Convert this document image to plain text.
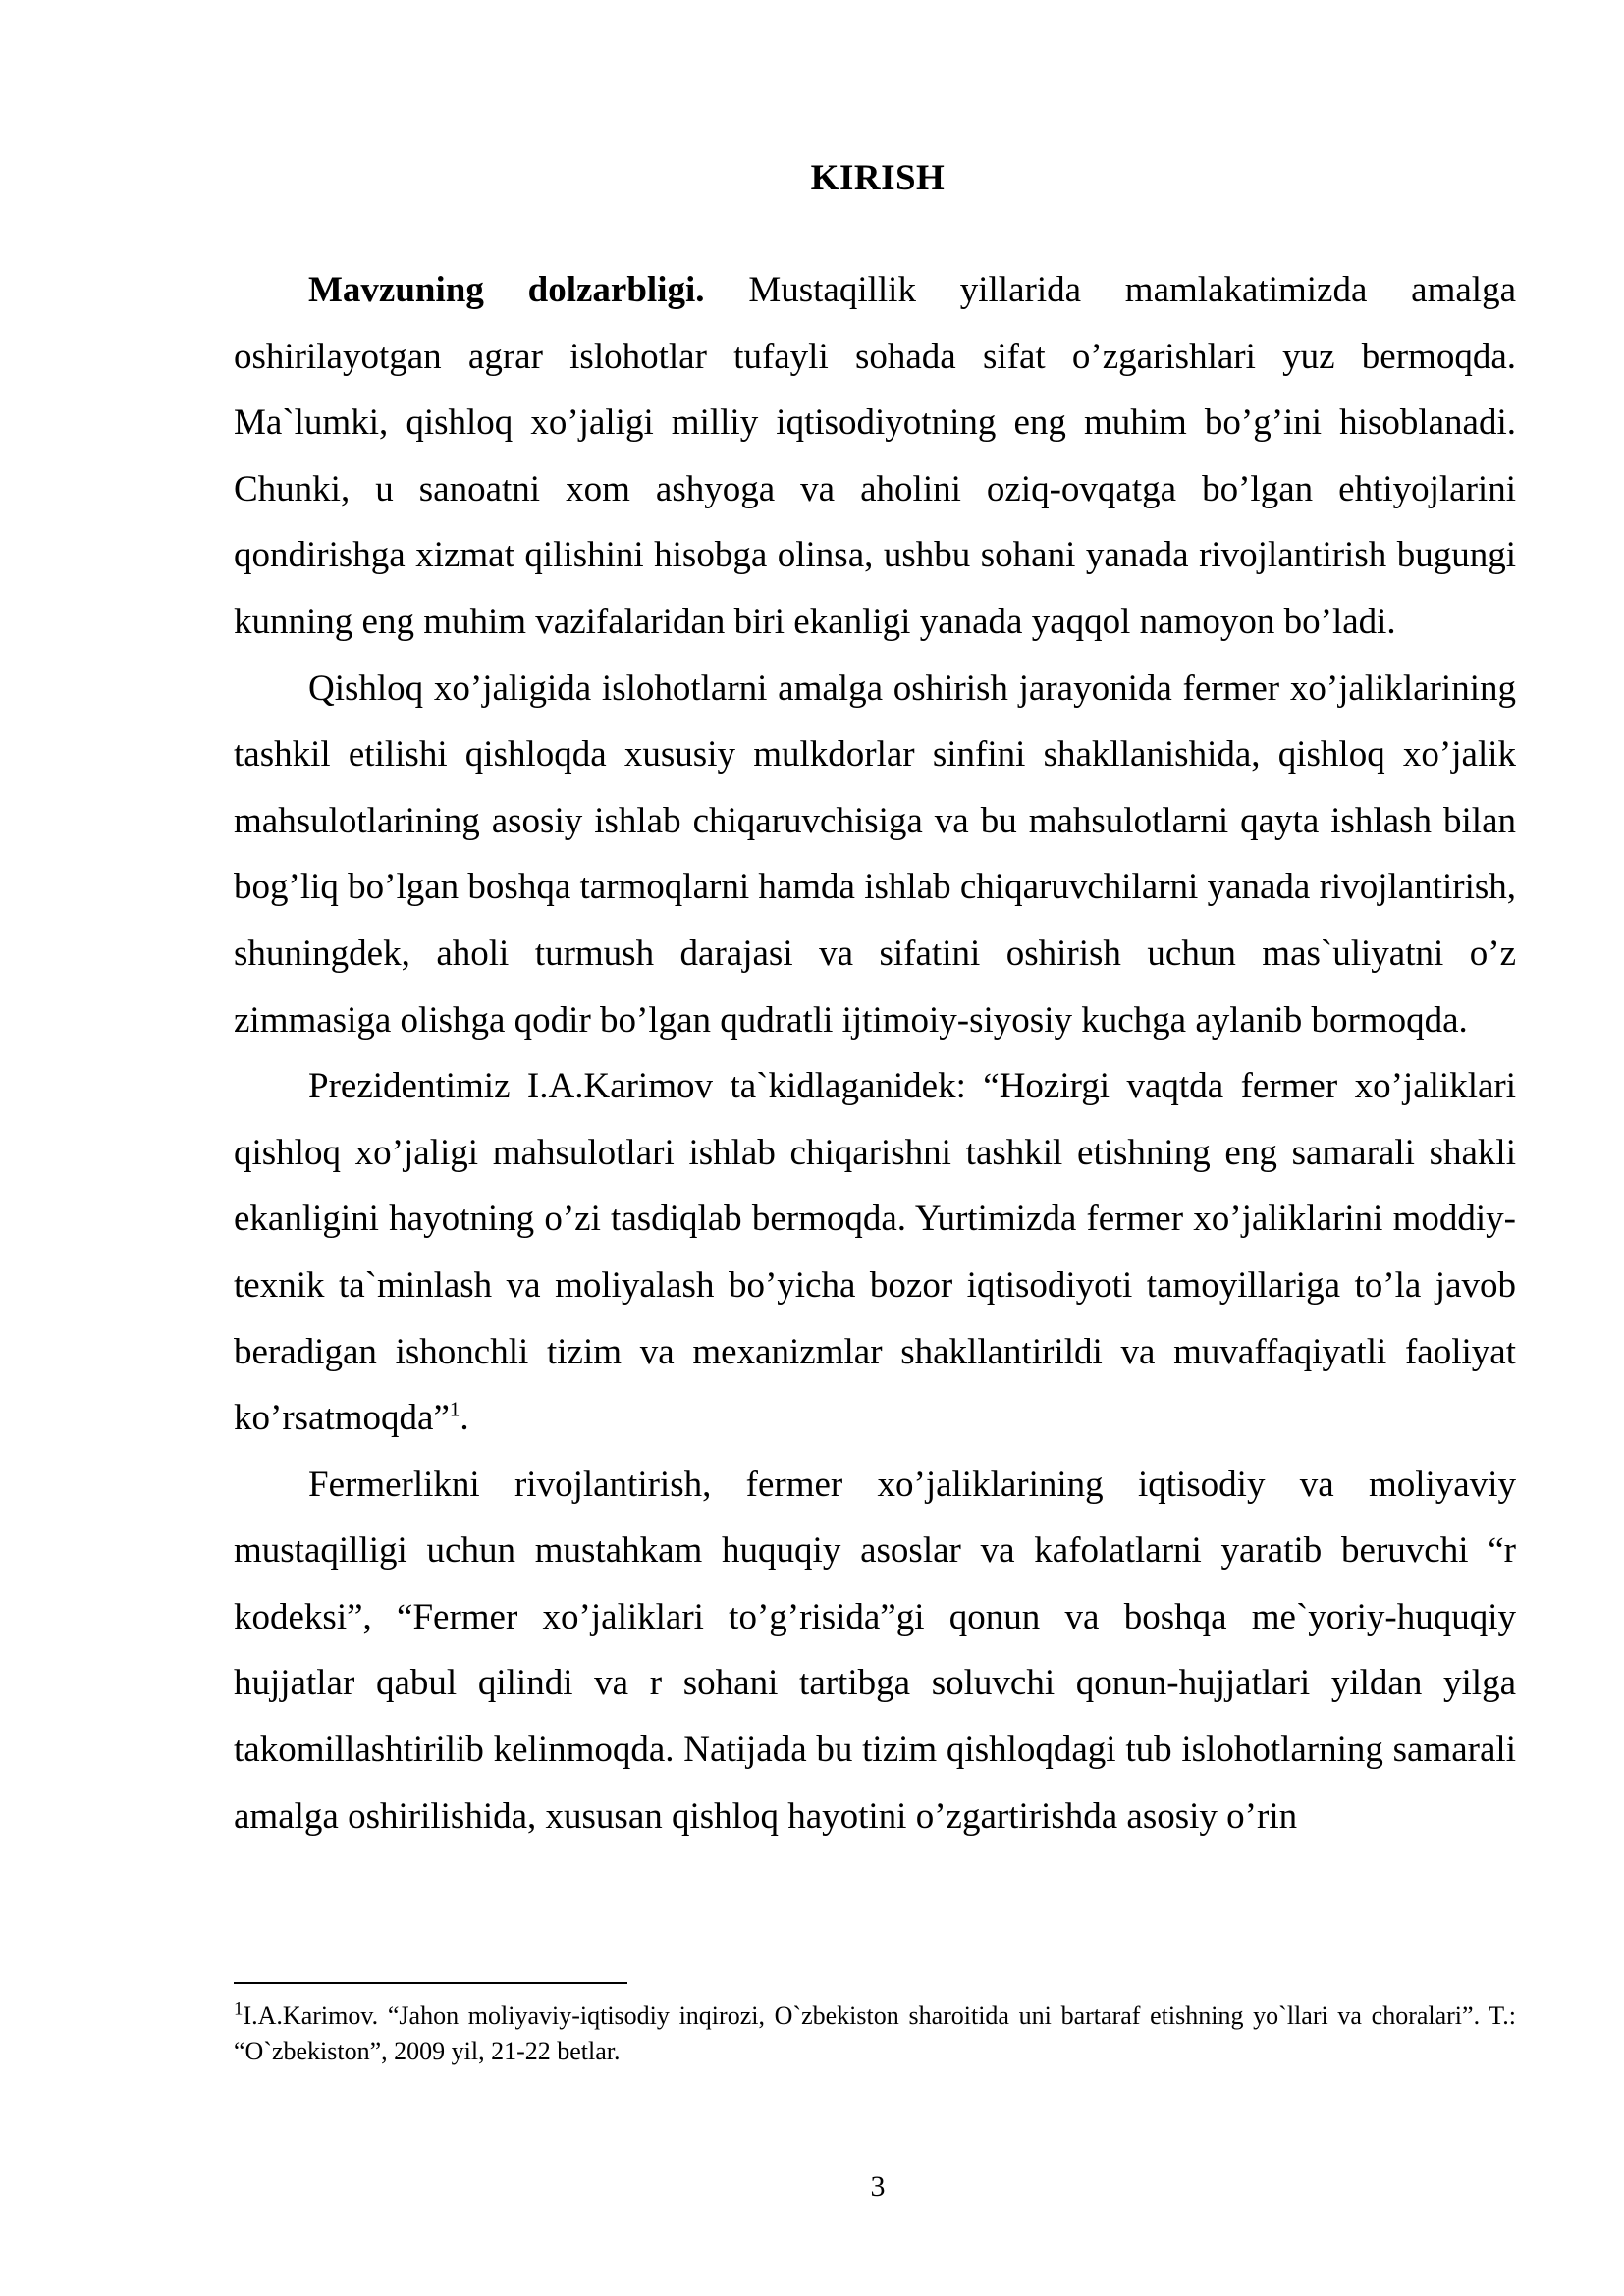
KIRISH

Mavzuning dolzarbligi. Mustaqillik yillarida mamlakatimizda amalga oshirilayotgan agrar islohotlar tufayli sohada sifat o’zgarishlari yuz bermoqda. Ma`lumki, qishloq xo’jaligi milliy iqtisodiyotning eng muhim bo’g’ini hisoblanadi. Chunki, u sanoatni xom ashyoga va aholini oziq-ovqatga bo’lgan ehtiyojlarini qondirishga xizmat qilishini hisobga olinsa, ushbu sohani yanada rivojlantirish bugungi kunning eng muhim vazifalaridan biri ekanligi yanada yaqqol namoyon bo’ladi.

Qishloq xo’jaligida islohotlarni amalga oshirish jarayonida fermer xo’jaliklarining tashkil etilishi qishloqda xususiy mulkdorlar sinfini shakllanishida, qishloq xo’jalik mahsulotlarining asosiy ishlab chiqaruvchisiga va bu mahsulotlarni qayta ishlash bilan bog’liq bo’lgan boshqa tarmoqlarni hamda ishlab chiqaruvchilarni yanada rivojlantirish, shuningdek, aholi turmush darajasi va sifatini oshirish uchun mas`uliyatni o’z zimmasiga olishga qodir bo’lgan qudratli ijtimoiy-siyosiy kuchga aylanib bormoqda.

Prezidentimiz I.A.Karimov ta`kidlaganidek: “Hozirgi vaqtda fermer xo’jaliklari qishloq xo’jaligi mahsulotlari ishlab chiqarishni tashkil etishning eng samarali shakli ekanligini hayotning o’zi tasdiqlab bermoqda. Yurtimizda fermer xo’jaliklarini moddiy-texnik ta`minlash va moliyalash bo’yicha bozor iqtisodiyoti tamoyillariga to’la javob beradigan ishonchli tizim va mexanizmlar shakllantirildi va muvaffaqiyatli faoliyat ko’rsatmoqda”$^1$.

Fermerlikni rivojlantirish, fermer xo’jaliklarining iqtisodiy va moliyaviy mustaqilligi uchun mustahkam huquqiy asoslar va kafolatlarni yaratib beruvchi “r kodeksi”, “Fermer xo’jaliklari to’g’risida”gi qonun va boshqa me`yoriy-huquqiy hujjatlar qabul qilindi va r sohani tartibga soluvchi qonun-hujjatlari yildan yilga takomillashtirilib kelinmoqda. Natijada bu tizim qishloqdagi tub islohotlarning samarali amalga oshirilishida, xususan qishloq hayotini o’zgartirishda asosiy o’rin

$^1$I.A.Karimov. “Jahon moliyaviy-iqtisodiy inqirozi, O`zbekiston sharoitida uni bartaraf etishning yo`llari va choralari”. T.: “O`zbekiston”, 2009 yil, 21-22 betlar.

3
